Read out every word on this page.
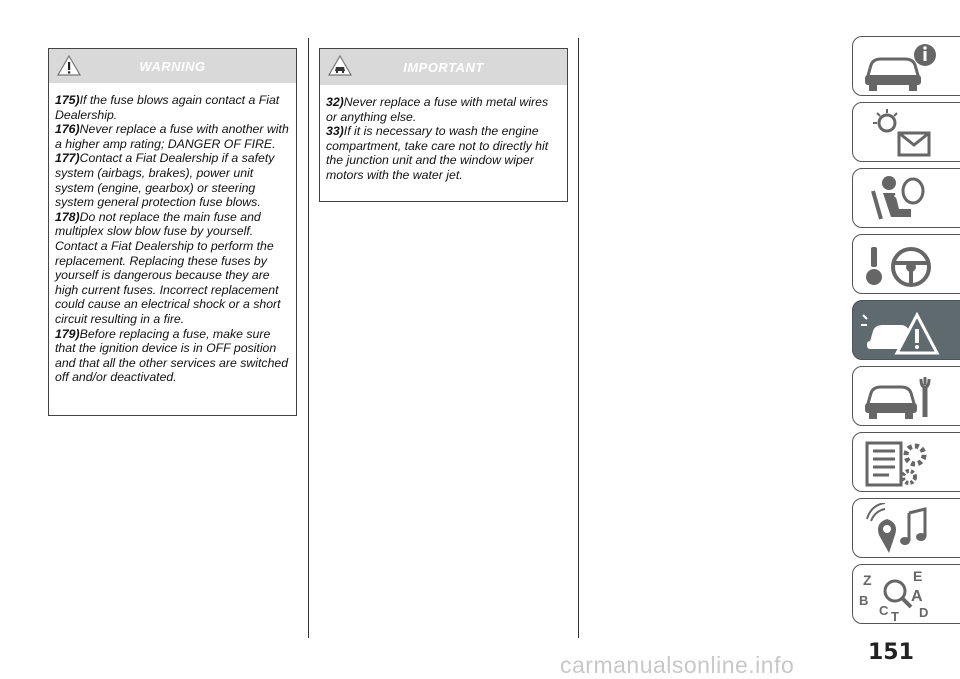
WARNING

175)If the fuse blows again contact a Fiat Dealership.

176)Never replace a fuse with another with a higher amp rating; DANGER OF FIRE.

177)Contact a Fiat Dealership if a safety system (airbags, brakes), power unit system (engine, gearbox) or steering system general protection fuse blows.

178)Do not replace the main fuse and multiplex slow blow fuse by yourself. Contact a Fiat Dealership to perform the replacement. Replacing these fuses by yourself is dangerous because they are high current fuses. Incorrect replacement could cause an electrical shock or a short circuit resulting in a fire.

179)Before replacing a fuse, make sure that the ignition device is in OFF position and that all the other services are switched off and/or deactivated.

IMPORTANT

32)Never replace a fuse with metal wires or anything else.

33)If it is necessary to wash the engine compartment, take care not to directly hit the junction unit and the window wiper motors with the water jet.

Z	E
B	A
C T D
151
carmanualsonline.info
